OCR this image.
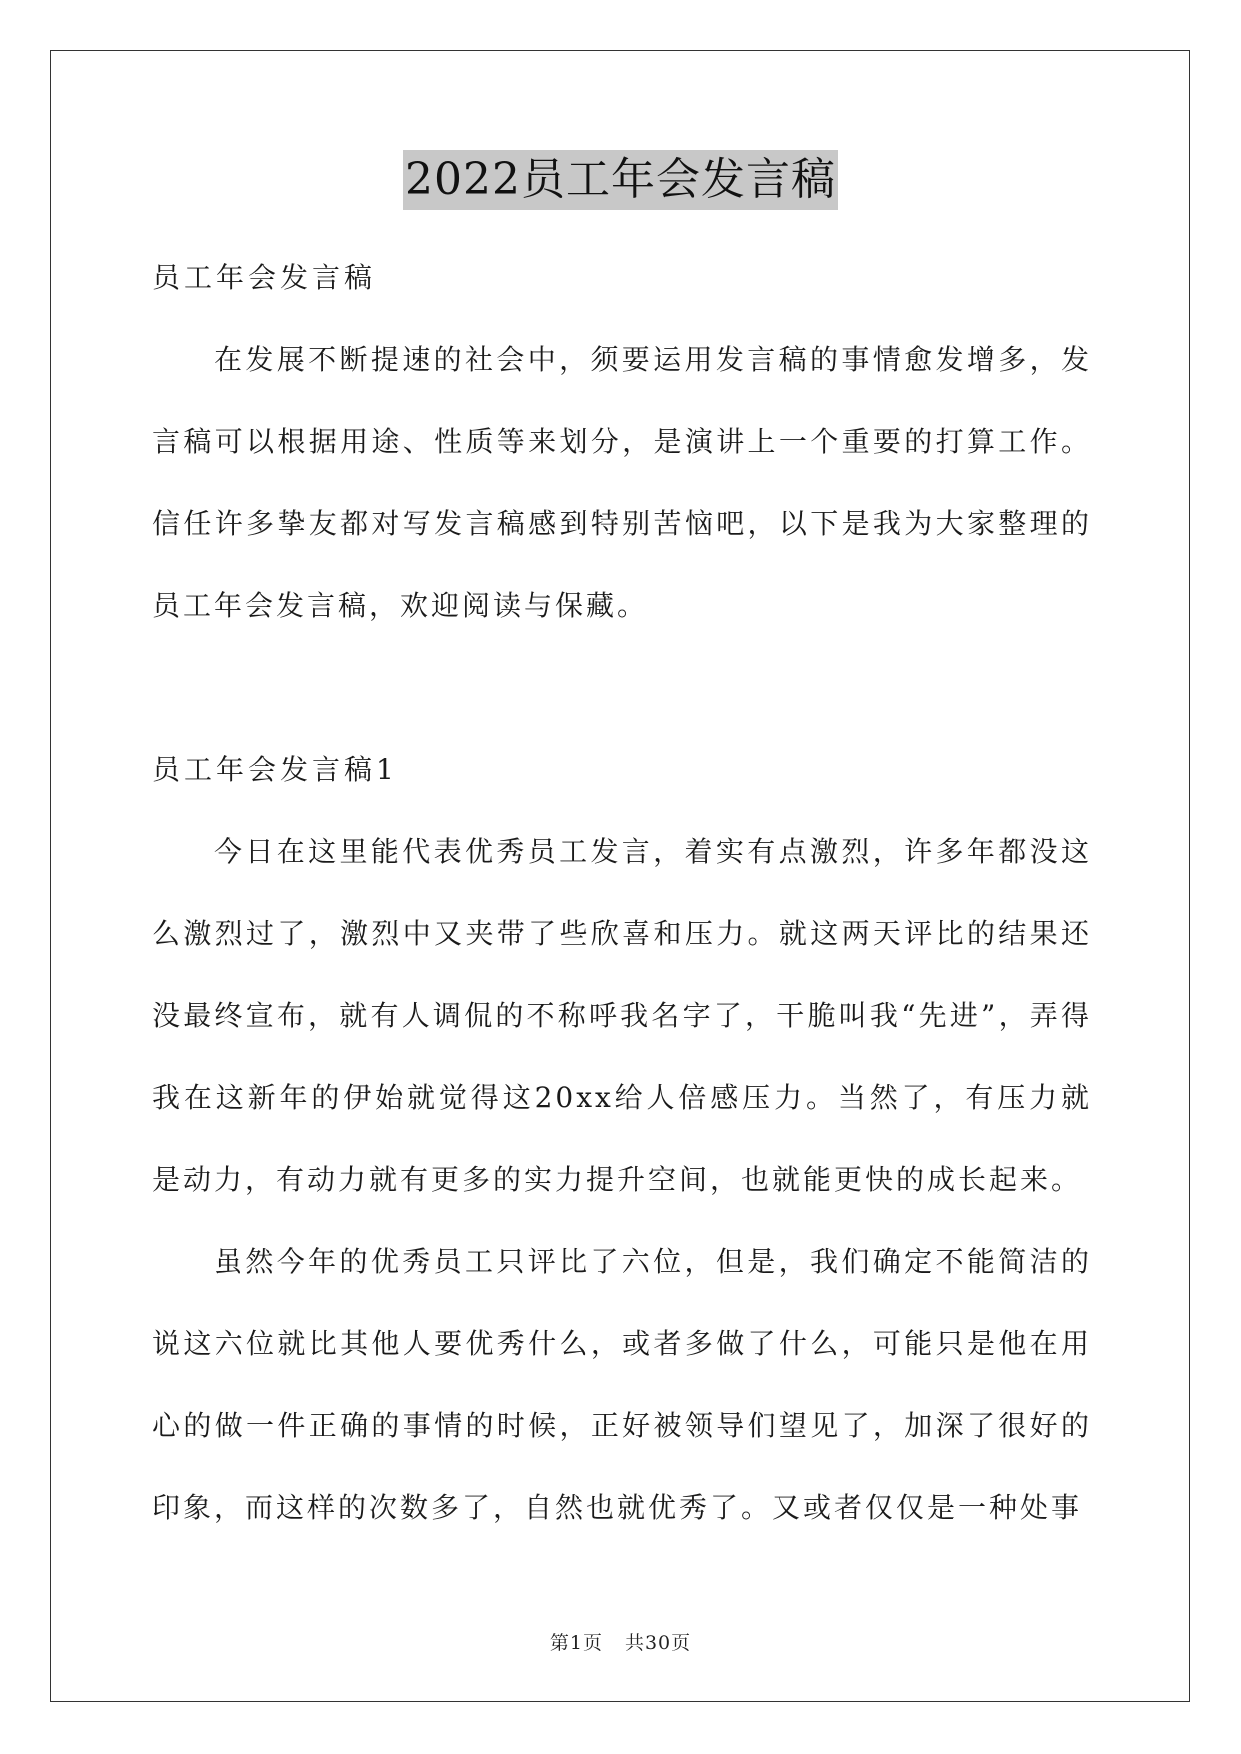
2022员工年会发言稿

员工年会发言稿

在发展不断提速的社会中，须要运用发言稿的事情愈发增多，发言稿可以根据用途、性质等来划分，是演讲上一个重要的打算工作。信任许多挚友都对写发言稿感到特别苦恼吧，以下是我为大家整理的员工年会发言稿，欢迎阅读与保藏。

员工年会发言稿1

今日在这里能代表优秀员工发言，着实有点激烈，许多年都没这么激烈过了，激烈中又夹带了些欣喜和压力。就这两天评比的结果还没最终宣布，就有人调侃的不称呼我名字了，干脆叫我“先进”，弄得我在这新年的伊始就觉得这20xx给人倍感压力。当然了，有压力就是动力，有动力就有更多的实力提升空间，也就能更快的成长起来。

虽然今年的优秀员工只评比了六位，但是，我们确定不能简洁的说这六位就比其他人要优秀什么，或者多做了什么，可能只是他在用心的做一件正确的事情的时候，正好被领导们望见了，加深了很好的印象，而这样的次数多了，自然也就优秀了。又或者仅仅是一种处事

第1页 共30页
